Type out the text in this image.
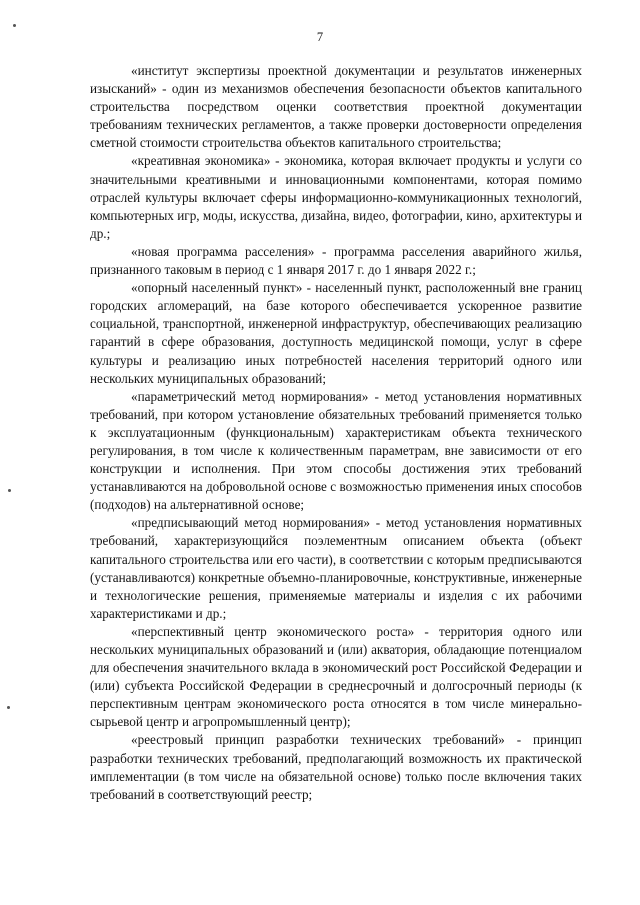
7

«институт экспертизы проектной документации и результатов инженерных изысканий» - один из механизмов обеспечения безопасности объектов капитального строительства посредством оценки соответствия проектной документации требованиям технических регламентов, а также проверки достоверности определения сметной стоимости строительства объектов капитального строительства;

«креативная экономика» - экономика, которая включает продукты и услуги со значительными креативными и инновационными компонентами, которая помимо отраслей культуры включает сферы информационно-коммуникационных технологий, компьютерных игр, моды, искусства, дизайна, видео, фотографии, кино, архитектуры и др.;

«новая программа расселения» - программа расселения аварийного жилья, признанного таковым в период с 1 января 2017 г. до 1 января 2022 г.;

«опорный населенный пункт» - населенный пункт, расположенный вне границ городских агломераций, на базе которого обеспечивается ускоренное развитие социальной, транспортной, инженерной инфраструктур, обеспечивающих реализацию гарантий в сфере образования, доступность медицинской помощи, услуг в сфере культуры и реализацию иных потребностей населения территорий одного или нескольких муниципальных образований;

«параметрический метод нормирования» - метод установления нормативных требований, при котором установление обязательных требований применяется только к эксплуатационным (функциональным) характеристикам объекта технического регулирования, в том числе к количественным параметрам, вне зависимости от его конструкции и исполнения. При этом способы достижения этих требований устанавливаются на добровольной основе с возможностью применения иных способов (подходов) на альтернативной основе;

«предписывающий метод нормирования» - метод установления нормативных требований, характеризующийся поэлементным описанием объекта (объект капитального строительства или его части), в соответствии с которым предписываются (устанавливаются) конкретные объемно-планировочные, конструктивные, инженерные и технологические решения, применяемые материалы и изделия с их рабочими характеристиками и др.;

«перспективный центр экономического роста» - территория одного или нескольких муниципальных образований и (или) акватория, обладающие потенциалом для обеспечения значительного вклада в экономический рост Российской Федерации и (или) субъекта Российской Федерации в среднесрочный и долгосрочный периоды (к перспективным центрам экономического роста относятся в том числе минерально-сырьевой центр и агропромышленный центр);

«реестровый принцип разработки технических требований» - принцип разработки технических требований, предполагающий возможность их практической имплементации (в том числе на обязательной основе) только после включения таких требований в соответствующий реестр;
